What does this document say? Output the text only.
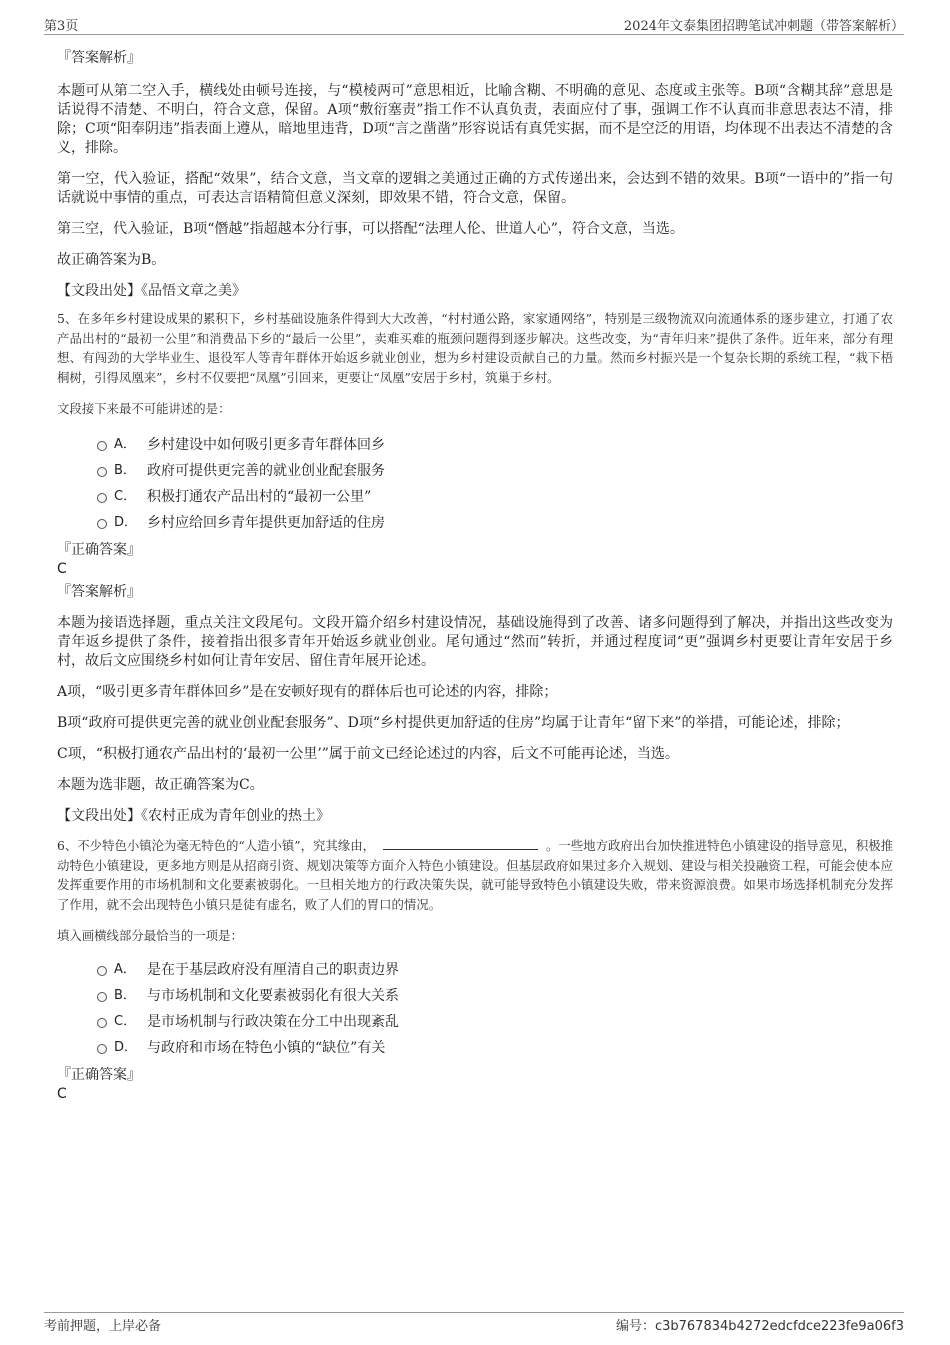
第3页	2024年文泰集团招聘笔试冲刺题（带答案解析）

『答案解析』

本题可从第二空入手，横线处由顿号连接，与“模棱两可”意思相近，比喻含糊、不明确的意见、态度或主张等。B项“含糊其辞”意思是话说得不清楚、不明白，符合文意，保留。A项“敷衍塞责”指工作不认真负责，表面应付了事，强调工作不认真而非意思表达不清，排除；C项“阳奉阴违”指表面上遵从，暗地里违背，D项“言之凿凿”形容说话有真凭实据，而不是空泛的用语，均体现不出表达不清楚的含义，排除。

第一空，代入验证，搭配“效果”，结合文意，当文章的逻辑之美通过正确的方式传递出来，会达到不错的效果。B项“一语中的”指一句话就说中事情的重点，可表达言语精简但意义深刻，即效果不错，符合文意，保留。

第三空，代入验证，B项“僭越”指超越本分行事，可以搭配“法理人伦、世道人心”，符合文意，当选。

故正确答案为B。

【文段出处】《品悟文章之美》

5、在多年乡村建设成果的累积下，乡村基础设施条件得到大大改善，“村村通公路，家家通网络”，特别是三级物流双向流通体系的逐步建立，打通了农产品出村的“最初一公里”和消费品下乡的“最后一公里”，卖难买难的瓶颈问题得到逐步解决。这些改变，为“青年归来”提供了条件。近年来，部分有理想、有闯劲的大学毕业生、退役军人等青年群体开始返乡就业创业，想为乡村建设贡献自己的力量。然而乡村振兴是一个复杂长期的系统工程，“栽下梧桐树，引得凤凰来”，乡村不仅要把“凤凰”引回来，更要让“凤凰”安居于乡村，筑巢于乡村。

文段接下来最不可能讲述的是：

A． 乡村建设中如何吸引更多青年群体回乡
B． 政府可提供更完善的就业创业配套服务
C． 积极打通农产品出村的“最初一公里”
D． 乡村应给回乡青年提供更加舒适的住房

『正确答案』

C

『答案解析』

本题为接语选择题，重点关注文段尾句。文段开篇介绍乡村建设情况，基础设施得到了改善、诸多问题得到了解决，并指出这些改变为青年返乡提供了条件，接着指出很多青年开始返乡就业创业。尾句通过“然而”转折，并通过程度词“更”强调乡村更要让青年安居于乡村，故后文应围绕乡村如何让青年安居、留住青年展开论述。

A项，“吸引更多青年群体回乡”是在安顿好现有的群体后也可论述的内容，排除；

B项“政府可提供更完善的就业创业配套服务”、D项“乡村提供更加舒适的住房”均属于让青年“留下来”的举措，可能论述，排除；

C项，“积极打通农产品出村的‘最初一公里’”属于前文已经论述过的内容，后文不可能再论述，当选。

本题为选非题，故正确答案为C。

【文段出处】《农村正成为青年创业的热土》

6、不少特色小镇沦为毫无特色的“人造小镇”，究其缘由，	。一些地方政府出台加快推进特色小镇建设的指导意见，积极推动特色小镇建设，更多地方则是从招商引资、规划决策等方面介入特色小镇建设。但基层政府如果过多介入规划、建设与相关投融资工程，可能会使本应发挥重要作用的市场机制和文化要素被弱化。一旦相关地方的行政决策失误，就可能导致特色小镇建设失败，带来资源浪费。如果市场选择机制充分发挥了作用，就不会出现特色小镇只是徒有虚名，败了人们的胃口的情况。

填入画横线部分最恰当的一项是：

A． 是在于基层政府没有厘清自己的职责边界
B． 与市场机制和文化要素被弱化有很大关系
C． 是市场机制与行政决策在分工中出现紊乱
D． 与政府和市场在特色小镇的“缺位”有关

『正确答案』

C

考前押题，上岸必备	编号：c3b767834b4272edcfdce223fe9a06f3
